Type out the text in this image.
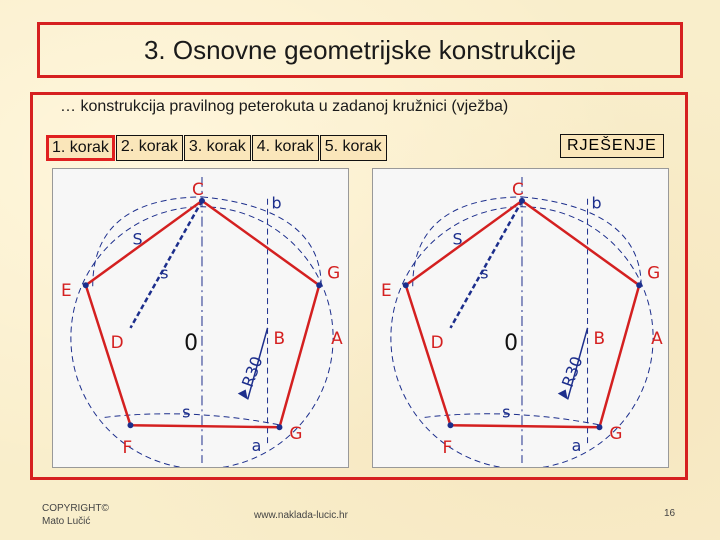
3. Osnovne geometrijske konstrukcije
… konstrukcija pravilnog peterokuta u zadanoj kružnici (vježba)
1. korak 2. korak 3. korak 4. korak 5. korak	RJEŠENJE
C
b
G
E
A
B
D	0
F	a
G
S
s
s
R30
C
b
G
E
A
B
D	0
F	a
G
S
s
s
R30
COPYRIGHT©
Mato Lučić
www.naklada-lucic.hr	16
